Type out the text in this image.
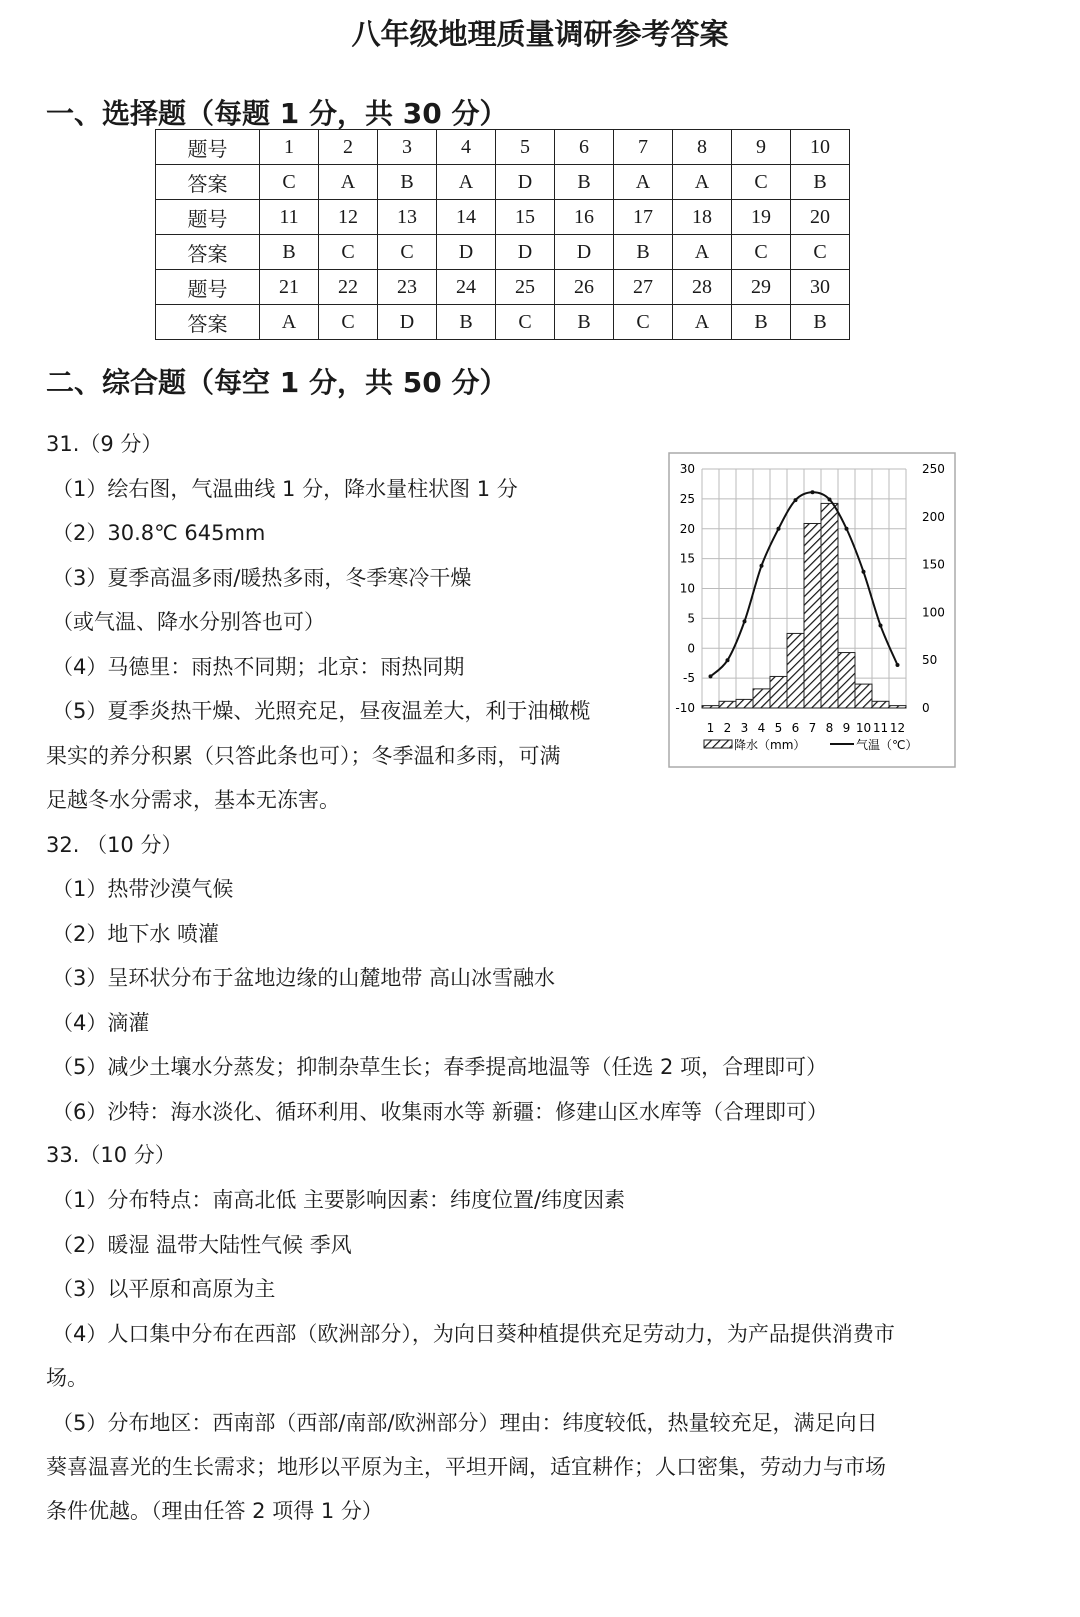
八年级地理质量调研参考答案
一、选择题（每题 1 分，共 30 分）
题号	1	2	3	4	5	6	7	8	9	10
答案	C	A	B	A	D	B	A	A	C	B
题号	11	12	13	14	15	16	17	18	19	20
答案	B	C	C	D	D	D	B	A	C	C
题号	21	22	23	24	25	26	27	28	29	30
答案	A	C	D	B	C	B	C	A	B	B
二、综合题（每空 1 分，共 50 分）
31.（9 分）
（1）绘右图，气温曲线 1 分，降水量柱状图 1 分
（2）30.8℃ 645mm
（3）夏季高温多雨/暖热多雨，冬季寒冷干燥
（或气温、降水分别答也可）
（4）马德里：雨热不同期；北京：雨热同期
（5）夏季炎热干燥、光照充足，昼夜温差大，利于油橄榄
果实的养分积累（只答此条也可）；冬季温和多雨，可满
足越冬水分需求，基本无冻害。
32. （10 分）
（1）热带沙漠气候
（2）地下水 喷灌
（3）呈环状分布于盆地边缘的山麓地带 高山冰雪融水
（4）滴灌
（5）减少土壤水分蒸发；抑制杂草生长；春季提高地温等（任选 2 项，合理即可）
（6）沙特：海水淡化、循环利用、收集雨水等 新疆：修建山区水库等（合理即可）
33.（10 分）
（1）分布特点：南高北低 主要影响因素：纬度位置/纬度因素
（2）暖湿 温带大陆性气候 季风
（3）以平原和高原为主
（4）人口集中分布在西部（欧洲部分），为向日葵种植提供充足劳动力，为产品提供消费市
场。
（5）分布地区：西南部（西部/南部/欧洲部分）理由：纬度较低，热量较充足，满足向日
葵喜温喜光的生长需求；地形以平原为主，平坦开阔，适宜耕作；人口密集，劳动力与市场
条件优越。（理由任答 2 项得 1 分）
30
25
20
15
10
5
0
-5
-10
250
200
150
100
50
0
1 2 3 4 5 6 7 8 9 10 11 12
降水（mm）	气温（℃）
